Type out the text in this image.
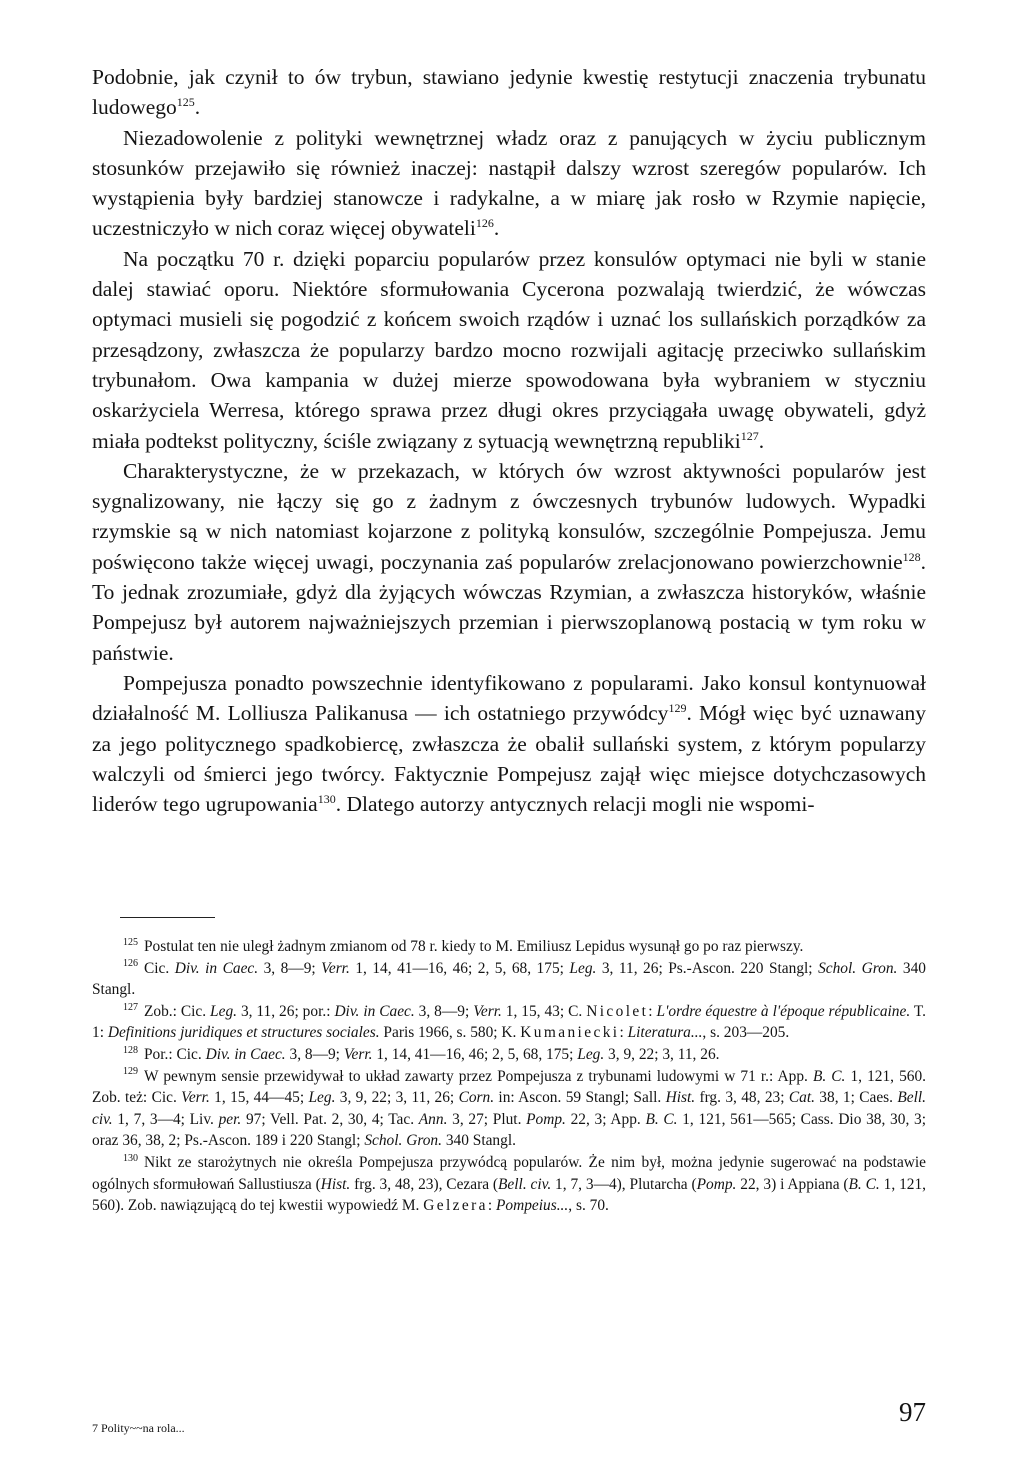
Podobnie, jak czynił to ów trybun, stawiano jedynie kwestię restytucji znaczenia trybunatu ludowego$^{125}$.

Niezadowolenie z polityki wewnętrznej władz oraz z panujących w życiu publicznym stosunków przejawiło się również inaczej: nastąpił dalszy wzrost szeregów popularów. Ich wystąpienia były bardziej stanowcze i radykalne, a w miarę jak rosło w Rzymie napięcie, uczestniczyło w nich coraz więcej obywateli$^{126}$.

Na początku 70 r. dzięki poparciu popularów przez konsulów optymaci nie byli w stanie dalej stawiać oporu. Niektóre sformułowania Cycerona pozwalają twierdzić, że wówczas optymaci musieli się pogodzić z końcem swoich rządów i uznać los sullańskich porządków za przesądzony, zwłaszcza że popularzy bardzo mocno rozwijali agitację przeciwko sullańskim trybunałom. Owa kampania w dużej mierze spowodowana była wybraniem w styczniu oskarżyciela Werresa, którego sprawa przez długi okres przyciągała uwagę obywateli, gdyż miała podtekst polityczny, ściśle związany z sytuacją wewnętrzną republiki$^{127}$.

Charakterystyczne, że w przekazach, w których ów wzrost aktywności popularów jest sygnalizowany, nie łączy się go z żadnym z ówczesnych trybunów ludowych. Wypadki rzymskie są w nich natomiast kojarzone z polityką konsulów, szczególnie Pompejusza. Jemu poświęcono także więcej uwagi, poczynania zaś popularów zrelacjonowano powierzchownie$^{128}$. To jednak zrozumiałe, gdyż dla żyjących wówczas Rzymian, a zwłaszcza historyków, właśnie Pompejusz był autorem najważniejszych przemian i pierwszoplanową postacią w tym roku w państwie.

Pompejusza ponadto powszechnie identyfikowano z popularami. Jako konsul kontynuował działalność M. Lolliusza Palikanusa — ich ostatniego przywódcy$^{129}$. Mógł więc być uznawany za jego politycznego spadkobiercę, zwłaszcza że obalił sullański system, z którym popularzy walczyli od śmierci jego twórcy. Faktycznie Pompejusz zajął więc miejsce dotychczasowych liderów tego ugrupowania$^{130}$. Dlatego autorzy antycznych relacji mogli nie wspomi-

$^{125}$ Postulat ten nie uległ żadnym zmianom od 78 r. kiedy to M. Emiliusz Lepidus wysunął go po raz pierwszy.

$^{126}$ Cic. Div. in Caec. 3, 8—9; Verr. 1, 14, 41—16, 46; 2, 5, 68, 175; Leg. 3, 11, 26; Ps.-Ascon. 220 Stangl; Schol. Gron. 340 Stangl.

$^{127}$ Zob.: Cic. Leg. 3, 11, 26; por.: Div. in Caec. 3, 8—9; Verr. 1, 15, 43; C. Nicolet: L'ordre équestre à l'époque républicaine. T. 1: Definitions juridiques et structures sociales. Paris 1966, s. 580; K. Kumaniecki: Literatura..., s. 203—205.

$^{128}$ Por.: Cic. Div. in Caec. 3, 8—9; Verr. 1, 14, 41—16, 46; 2, 5, 68, 175; Leg. 3, 9, 22; 3, 11, 26.

$^{129}$ W pewnym sensie przewidywał to układ zawarty przez Pompejusza z trybunami ludowymi w 71 r.: App. B. C. 1, 121, 560. Zob. też: Cic. Verr. 1, 15, 44—45; Leg. 3, 9, 22; 3, 11, 26; Corn. in: Ascon. 59 Stangl; Sall. Hist. frg. 3, 48, 23; Cat. 38, 1; Caes. Bell. civ. 1, 7, 3—4; Liv. per. 97; Vell. Pat. 2, 30, 4; Tac. Ann. 3, 27; Plut. Pomp. 22, 3; App. B. C. 1, 121, 561—565; Cass. Dio 38, 30, 3; oraz 36, 38, 2; Ps.-Ascon. 189 i 220 Stangl; Schol. Gron. 340 Stangl.

$^{130}$ Nikt ze starożytnych nie określa Pompejusza przywódcą popularów. Że nim był, można jedynie sugerować na podstawie ogólnych sformułowań Sallustiusza (Hist. frg. 3, 48, 23), Cezara (Bell. civ. 1, 7, 3—4), Plutarcha (Pomp. 22, 3) i Appiana (B. C. 1, 121, 560). Zob. nawiązującą do tej kwestii wypowiedź M. Gelzera: Pompeius..., s. 70.

7 Polity~~na rola...
97
